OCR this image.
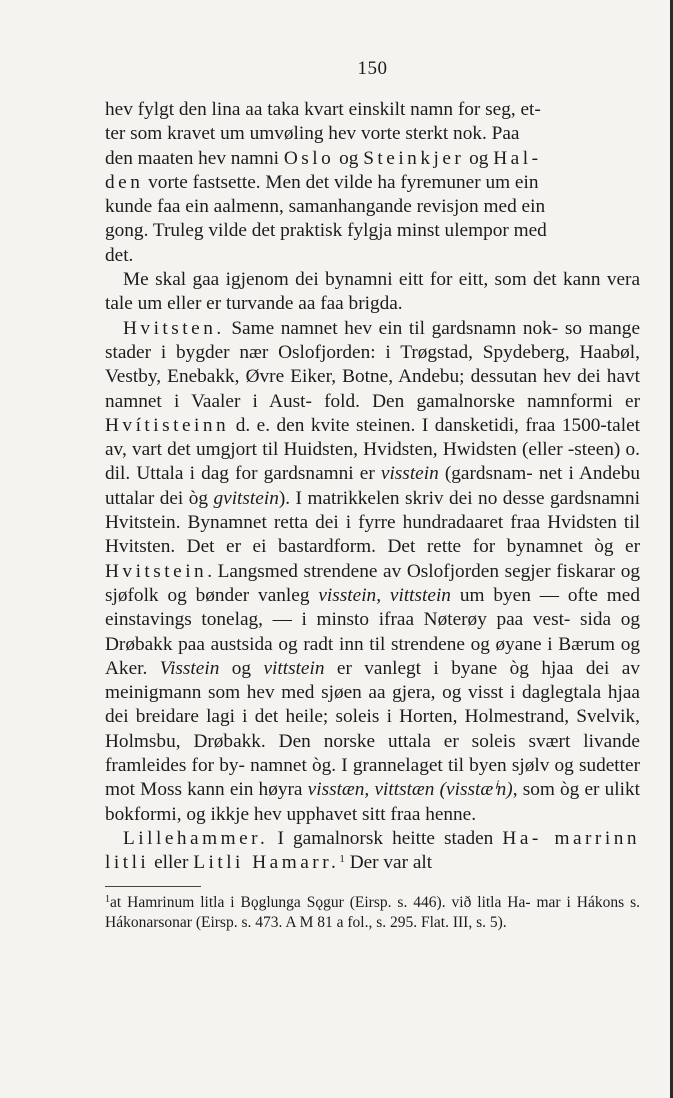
150

hev fylgt den lina aa taka kvart einskilt namn for seg, et-
ter som kravet um umvøling hev vorte sterkt nok. Paa
den maaten hev namni Oslo og Steinkjer og Hal-
den vorte fastsette. Men det vilde ha fyremuner um ein
kunde faa ein aalmenn, samanhangande revisjon med ein
gong. Truleg vilde det praktisk fylgja minst ulempor med
det.

Me skal gaa igjenom dei bynamni eitt for eitt, som det kann vera tale um eller er turvande aa faa brigda.

Hvitsten. Same namnet hev ein til gardsnamn nok- so mange stader i bygder nær Oslofjorden: i Trøgstad, Spydeberg, Haabøl, Vestby, Enebakk, Øvre Eiker, Botne, Andebu; dessutan hev dei havt namnet i Vaaler i Aust- fold. Den gamalnorske namnformi er Hvítisteinn d. e. den kvite steinen. I dansketidi, fraa 1500-talet av, vart det umgjort til Huidsten, Hvidsten, Hwidsten (eller -steen) o. dil. Uttala i dag for gardsnamni er visstein (gardsnam- net i Andebu uttalar dei òg gvitstein). I matrikkelen skriv dei no desse gardsnamni Hvitstein. Bynamnet retta dei i fyrre hundradaaret fraa Hvidsten til Hvitsten. Det er ei bastardform. Det rette for bynamnet òg er Hvitstein. Langsmed strendene av Oslofjorden segjer fiskarar og sjøfolk og bønder vanleg visstein, vittstein um byen — ofte med einstavings tonelag, — i minsto ifraa Nøterøy paa vest- sida og Drøbakk paa austsida og radt inn til strendene og øyane i Bærum og Aker. Visstein og vittstein er vanlegt i byane òg hjaa dei av meinigmann som hev med sjøen aa gjera, og visst i daglegtala hjaa dei breidare lagi i det heile; soleis i Horten, Holmestrand, Svelvik, Holmsbu, Drøbakk. Den norske uttala er soleis svært livande framleides for by- namnet òg. I grannelaget til byen sjølv og sudetter mot Moss kann ein høyra visstæn, vittstæn (visstæⁱn), som òg er ulikt bokformi, og ikkje hev upphavet sitt fraa henne.

Lillehammer. I gamalnorsk heitte staden Ha- marrinn litli eller Litli Hamarr.$^1$ Der var alt

$^1$at Hamrinum litla i Bǫglunga Sǫgur (Eirsp. s. 446). við litla Ha- mar i Hákons s. Hákonarsonar (Eirsp. s. 473. A M 81 a fol., s. 295. Flat. III, s. 5).
